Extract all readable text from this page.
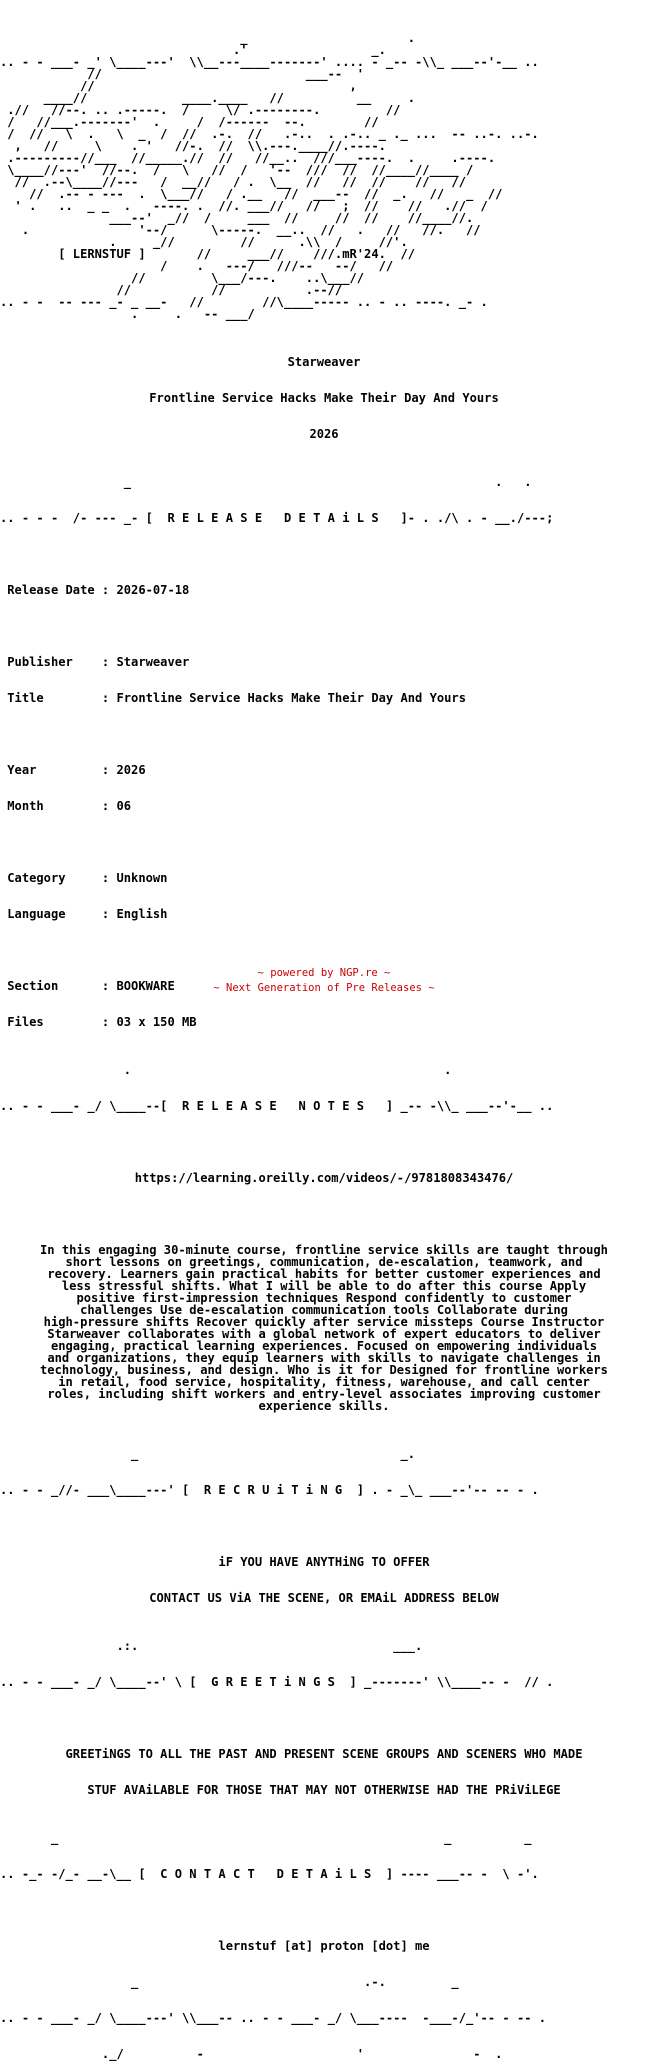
_                      .
.'                 _.
.. - - ___- _' \____---'  \\__---____-------' .... - _-- -\\_ ___--'-__ ..
//                            ___--  '
//                                   ,
____//             ____.____   //          __     .
.//   //--. .. .-----.  /     \/ .--------.         //
/   //___.-------'  .     /  /------  --.        //
/  //   \  .   \  _  /  //  .-.  //   .-..  . .-.. _ ._ ...  -- ..-. ..-.
,   //     \    . '   //-.  //  \\.---.____//.----.
.---------//___  //_____.//  //   //__..  ///___----.  .     .----.
\____//---'  //--.  /   \   //  /   '--  ///  //  //____//____ /
//  .--\____//---   /  __//   / .  \__  //   //  //    //   //
//  .-- - ---  .  \___//   / .__   //  ___--  //  _.   //   _  //
' .   ..  _ _  .   ----. .  //. ___//   //   ;  //    //   .//  /
___--'  _//  /     ___  //     //  //    //____//.
.               '--/      \-----.  __..  //   .   //   //.   //
.     _//         //      .\\  /     //'.
[ LERNSTUF ]       //     ___//    ///.mR'24.  //
/    .   ---/   ///--   --/   //
//         \___/---.    ..\___//
//           //           .--//
.. - -  -- --- _- _ __-   //        //\____----- .. - .. ----. _- .
.     .   -- ___/

Starweaver

Frontline Service Hacks Make Their Day And Yours

2026

_                                                  .   .

.. - - -  /- --- _- [  R E L E A S E   D E T A i L S   ]- . ./\ . - __./---;

Release Date : 2026-07-18

Publisher    : Starweaver

Title        : Frontline Service Hacks Make Their Day And Yours

Year         : 2026

Month        : 06

Category     : Unknown

Language     : English

Section      : BOOKWARE

Files        : 03 x 150 MB

.                                           .

.. - - ___- _/ \____--[  R E L E A S E   N O T E S   ] _-- -\\_ ___--'-__ ..

https://learning.oreilly.com/videos/-/9781808343476/

In this engaging 30-minute course, frontline service skills are taught through
short lessons on greetings, communication, de-escalation, teamwork, and
recovery. Learners gain practical habits for better customer experiences and
less stressful shifts. What I will be able to do after this course Apply
positive first-impression techniques Respond confidently to customer
challenges Use de-escalation communication tools Collaborate during
high-pressure shifts Recover quickly after service missteps Course Instructor
Starweaver collaborates with a global network of expert educators to deliver
engaging, practical learning experiences. Focused on empowering individuals
and organizations, they equip learners with skills to navigate challenges in
technology, business, and design. Who is it for Designed for frontline workers
in retail, food service, hospitality, fitness, warehouse, and call center
roles, including shift workers and entry-level associates improving customer
experience skills.

_                                    _.

.. - - _//- ___\____---' [  R E C R U i T i N G  ] . - _\_ ___--'-- -- - .

iF YOU HAVE ANYTHiNG TO OFFER

CONTACT US ViA THE SCENE, OR EMAiL ADDRESS BELOW

.:.                                   ___.

.. - - ___- _/ \____--' \ [  G R E E T i N G S  ] _-------' \\____-- -  // .

GREETiNGS TO ALL THE PAST AND PRESENT SCENE GROUPS AND SCENERS WHO MADE

STUF AVAiLABLE FOR THOSE THAT MAY NOT OTHERWISE HAD THE PRiViLEGE

_                                                     _          _

.. -_- -/_- __-\__ [  C O N T A C T   D E T A i L S  ] ---- ___-- -  \ -'.

lernstuf [at] proton [dot] me

_                               .-.         _

.. - - ___- _/ \____---' \\___-- .. - - ___- _/ \___----  -___-/_'-- - -- .

._/          -                     '               -  .

~ powered by NGP.re ~
~ Next Generation of Pre Releases ~
